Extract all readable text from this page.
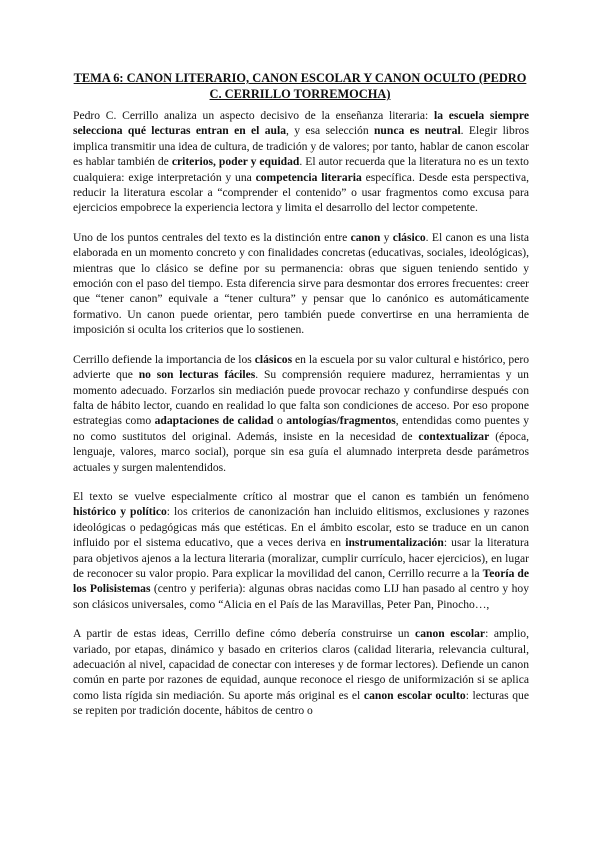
TEMA 6: CANON LITERARIO, CANON ESCOLAR Y CANON OCULTO (PEDRO
C. CERRILLO TORREMOCHA)

Pedro C. Cerrillo analiza un aspecto decisivo de la enseñanza literaria: la escuela siempre selecciona qué lecturas entran en el aula, y esa selección nunca es neutral. Elegir libros implica transmitir una idea de cultura, de tradición y de valores; por tanto, hablar de canon escolar es hablar también de criterios, poder y equidad. El autor recuerda que la literatura no es un texto cualquiera: exige interpretación y una competencia literaria específica. Desde esta perspectiva, reducir la literatura escolar a “comprender el contenido” o usar fragmentos como excusa para ejercicios empobrece la experiencia lectora y limita el desarrollo del lector competente.

Uno de los puntos centrales del texto es la distinción entre canon y clásico. El canon es una lista elaborada en un momento concreto y con finalidades concretas (educativas, sociales, ideológicas), mientras que lo clásico se define por su permanencia: obras que siguen teniendo sentido y emoción con el paso del tiempo. Esta diferencia sirve para desmontar dos errores frecuentes: creer que “tener canon” equivale a “tener cultura” y pensar que lo canónico es automáticamente formativo. Un canon puede orientar, pero también puede convertirse en una herramienta de imposición si oculta los criterios que lo sostienen.

Cerrillo defiende la importancia de los clásicos en la escuela por su valor cultural e histórico, pero advierte que no son lecturas fáciles. Su comprensión requiere madurez, herramientas y un momento adecuado. Forzarlos sin mediación puede provocar rechazo y confundirse después con falta de hábito lector, cuando en realidad lo que falta son condiciones de acceso. Por eso propone estrategias como adaptaciones de calidad o antologías/fragmentos, entendidas como puentes y no como sustitutos del original. Además, insiste en la necesidad de contextualizar (época, lenguaje, valores, marco social), porque sin esa guía el alumnado interpreta desde parámetros actuales y surgen malentendidos.

El texto se vuelve especialmente crítico al mostrar que el canon es también un fenómeno histórico y político: los criterios de canonización han incluido elitismos, exclusiones y razones ideológicas o pedagógicas más que estéticas. En el ámbito escolar, esto se traduce en un canon influido por el sistema educativo, que a veces deriva en instrumentalización: usar la literatura para objetivos ajenos a la lectura literaria (moralizar, cumplir currículo, hacer ejercicios), en lugar de reconocer su valor propio. Para explicar la movilidad del canon, Cerrillo recurre a la Teoría de los Polisistemas (centro y periferia): algunas obras nacidas como LIJ han pasado al centro y hoy son clásicos universales, como “Alicia en el País de las Maravillas, Peter Pan, Pinocho…,

A partir de estas ideas, Cerrillo define cómo debería construirse un canon escolar: amplio, variado, por etapas, dinámico y basado en criterios claros (calidad literaria, relevancia cultural, adecuación al nivel, capacidad de conectar con intereses y de formar lectores). Defiende un canon común en parte por razones de equidad, aunque reconoce el riesgo de uniformización si se aplica como lista rígida sin mediación. Su aporte más original es el canon escolar oculto: lecturas que se repiten por tradición docente, hábitos de centro o
